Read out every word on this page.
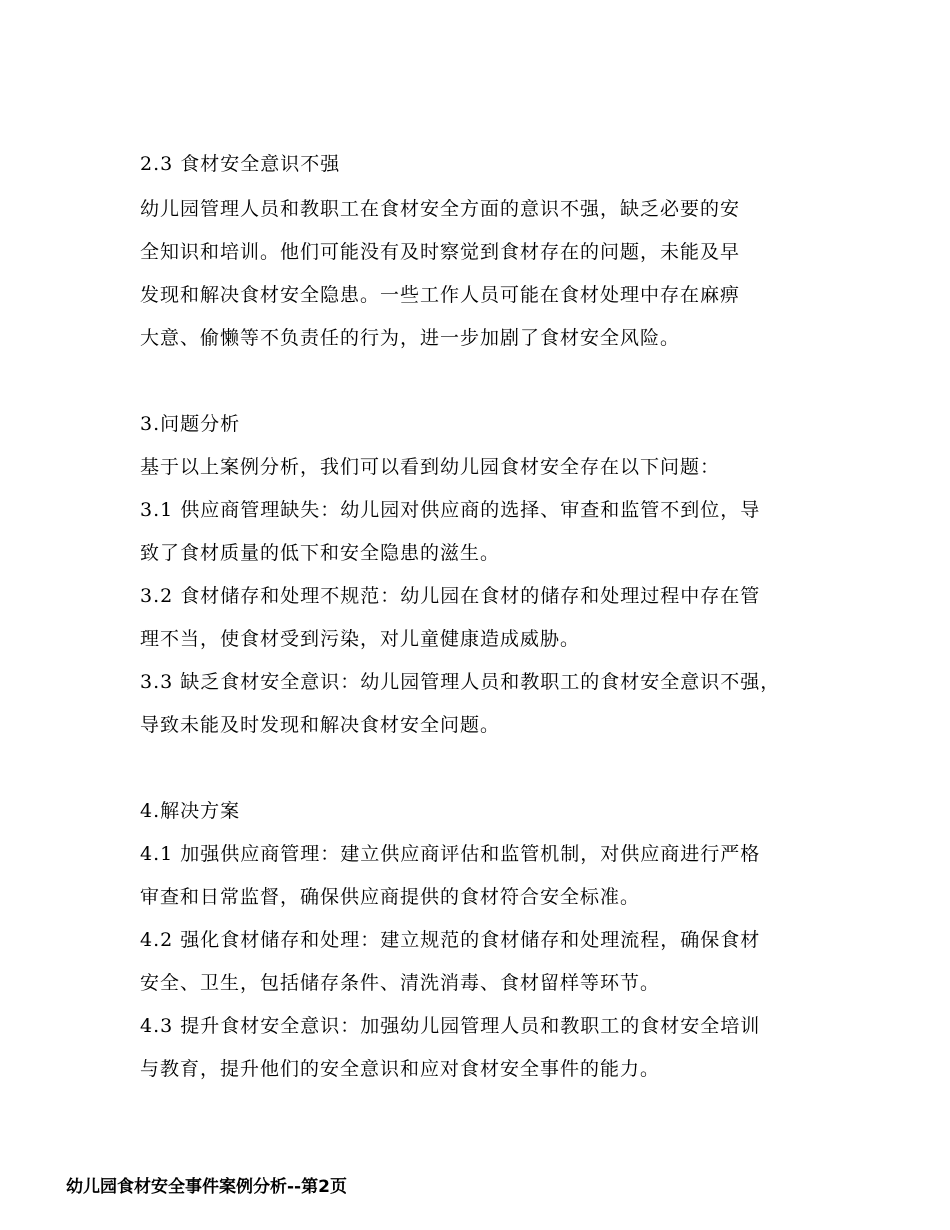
2.3 食材安全意识不强
幼儿园管理人员和教职工在食材安全方面的意识不强，缺乏必要的安
全知识和培训。他们可能没有及时察觉到食材存在的问题，未能及早
发现和解决食材安全隐患。一些工作人员可能在食材处理中存在麻痹
大意、偷懒等不负责任的行为，进一步加剧了食材安全风险。
3.问题分析
基于以上案例分析，我们可以看到幼儿园食材安全存在以下问题：
3.1 供应商管理缺失：幼儿园对供应商的选择、审查和监管不到位，导
致了食材质量的低下和安全隐患的滋生。
3.2 食材储存和处理不规范：幼儿园在食材的储存和处理过程中存在管
理不当，使食材受到污染，对儿童健康造成威胁。
3.3 缺乏食材安全意识：幼儿园管理人员和教职工的食材安全意识不强，
导致未能及时发现和解决食材安全问题。
4.解决方案
4.1 加强供应商管理：建立供应商评估和监管机制，对供应商进行严格
审查和日常监督，确保供应商提供的食材符合安全标准。
4.2 强化食材储存和处理：建立规范的食材储存和处理流程，确保食材
安全、卫生，包括储存条件、清洗消毒、食材留样等环节。
4.3 提升食材安全意识：加强幼儿园管理人员和教职工的食材安全培训
与教育，提升他们的安全意识和应对食材安全事件的能力。
幼儿园食材安全事件案例分析--第2页
